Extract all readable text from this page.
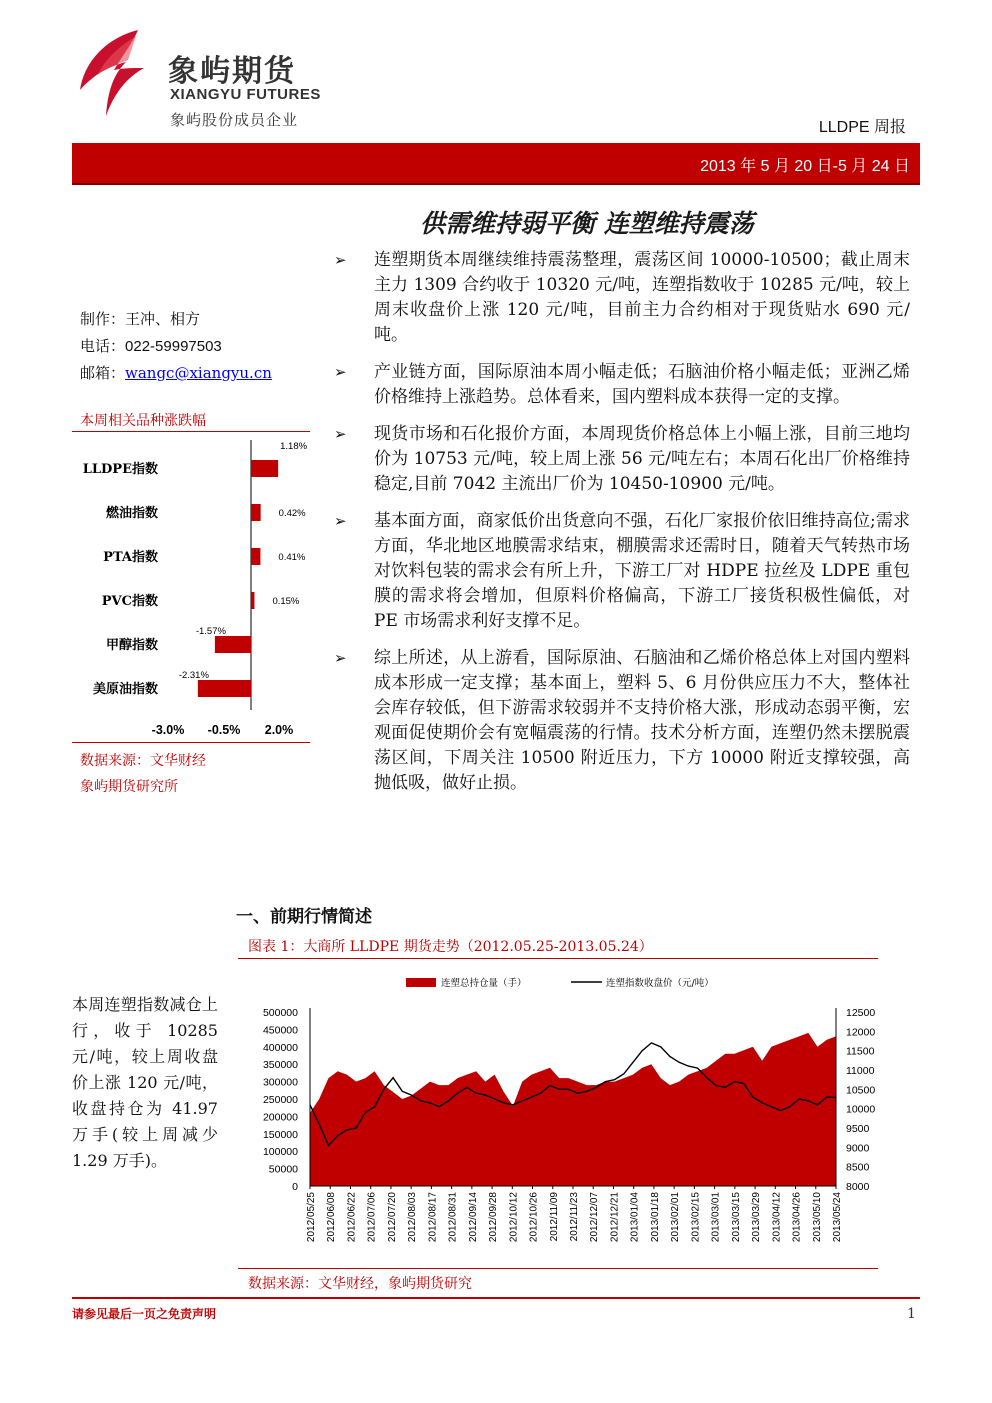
象屿期货
XIANGYU FUTURES
象屿股份成员企业	LLDPE 周报
2013 年 5 月 20 日-5 月 24 日
供需维持弱平衡 连塑维持震荡
➢ 连塑期货本周继续维持震荡整理，震荡区间 10000-10500；截止周末主力 1309 合约收于 10320 元/吨，连塑指数收于 10285 元/吨，较上周末收盘价上涨 120 元/吨，目前主力合约相对于现货贴水 690 元/吨。
➢ 产业链方面，国际原油本周小幅走低；石脑油价格小幅走低；亚洲乙烯价格维持上涨趋势。总体看来，国内塑料成本获得一定的支撑。
➢ 现货市场和石化报价方面，本周现货价格总体上小幅上涨，目前三地均价为 10753 元/吨，较上周上涨 56 元/吨左右；本周石化出厂价格维持稳定,目前 7042 主流出厂价为 10450-10900 元/吨。
➢ 基本面方面，商家低价出货意向不强，石化厂家报价依旧维持高位;需求方面，华北地区地膜需求结束，棚膜需求还需时日，随着天气转热市场对饮料包装的需求会有所上升，下游工厂对 HDPE 拉丝及 LDPE 重包膜的需求将会增加，但原料价格偏高，下游工厂接货积极性偏低，对 PE 市场需求利好支撑不足。
➢ 综上所述，从上游看，国际原油、石脑油和乙烯价格总体上对国内塑料成本形成一定支撑；基本面上，塑料 5、6 月份供应压力不大，整体社会库存较低，但下游需求较弱并不支持价格大涨，形成动态弱平衡，宏观面促使期价会有宽幅震荡的行情。技术分析方面，连塑仍然未摆脱震荡区间，下周关注 10500 附近压力，下方 10000 附近支撑较强，高抛低吸，做好止损。
制作：王冲、相方
电话：022-59997503
邮箱：wangc@xiangyu.cn
本周相关品种涨跌幅
LLDPE指数
1.18%
燃油指数	0.42%
PTA指数	0.41%
PVC指数	0.15%
甲醇指数
-1.57%
美原油指数
-2.31%
-3.0% -0.5% 2.0%
数据来源：文华财经
象屿期货研究所
一、前期行情简述
图表 1：大商所 LLDPE 期货走势（2012.05.25-2013.05.24）
连塑总持仓量（手）	连塑指数收盘价（元/吨）
0
50000
100000
150000
200000
250000
300000
350000
400000
450000
500000
8000
8500
9000
9500
10000
10500
11000
11500
12000
12500
2012/05/25 2012/06/08 2012/06/22 2012/07/06 2012/07/20 2012/08/03 2012/08/17 2012/08/31 2012/09/14 2012/09/28 2012/10/12 2012/10/26 2012/11/09 2012/11/23 2012/12/07 2012/12/21 2013/01/04 2013/01/18 2013/02/01 2013/02/15 2013/03/01 2013/03/15 2013/03/29 2013/04/12 2013/04/26 2013/05/10 2013/05/24
数据来源：文华财经，象屿期货研究
本周连塑指数减仓上行，收于 10285 元/吨，较上周收盘价上涨 120 元/吨，收盘持仓为 41.97 万手(较上周减少 1.29 万手)。
请参见最后一页之免责声明	1
